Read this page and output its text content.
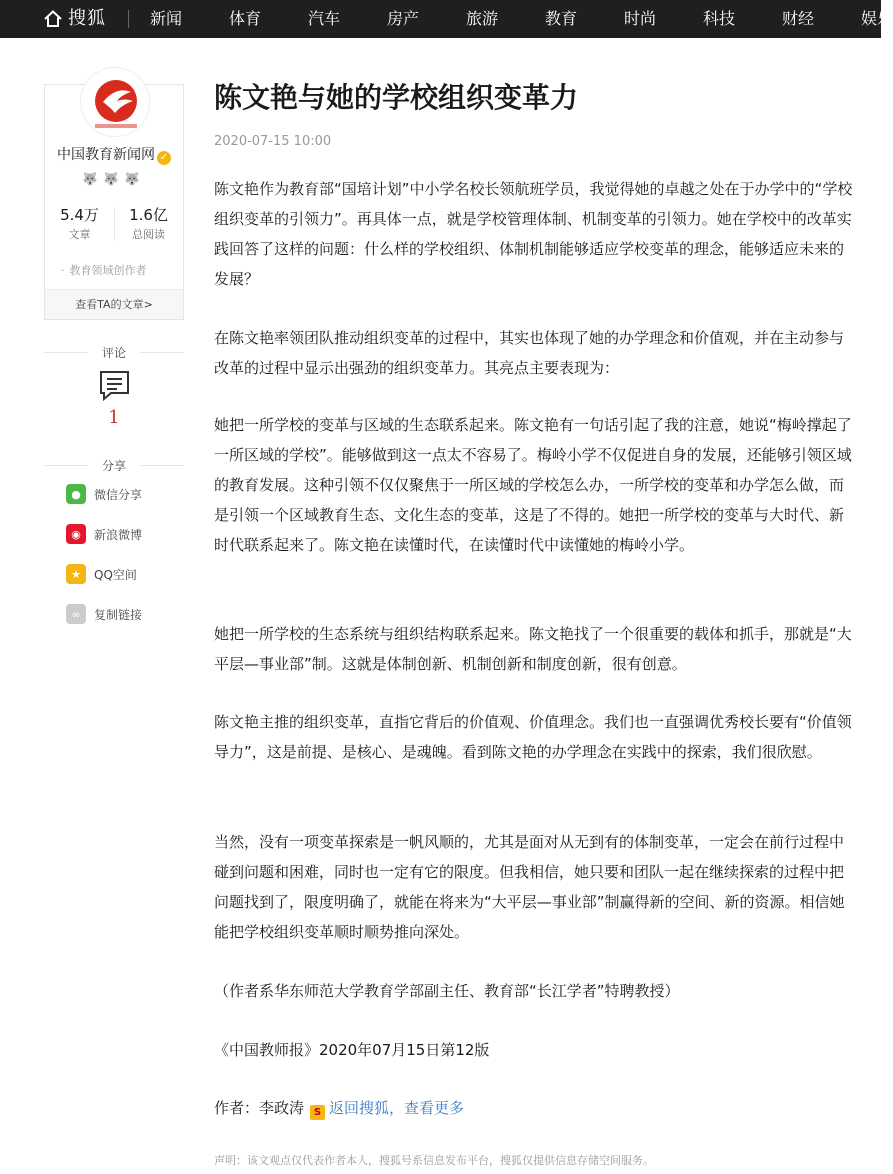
搜狐	新闻	体育	汽车	房产	旅游	教育	时尚	科技	财经	娱乐
中国教育新闻网 ✓
🐺🐺🐺
5.4万
文章
1.6亿
总阅读
· 教育领域创作者
查看TA的文章>
评论
1
分享
●	微信分享
◉	新浪微博
★	QQ空间
∞	复制链接
陈文艳与她的学校组织变革力
2020-07-15 10:00

陈文艳作为教育部“国培计划”中小学名校长领航班学员，我觉得她的卓越之处在于办学中的“学校组织变革的引领力”。再具体一点，就是学校管理体制、机制变革的引领力。她在学校中的改革实践回答了这样的问题：什么样的学校组织、体制机制能够适应学校变革的理念，能够适应未来的发展？

在陈文艳率领团队推动组织变革的过程中，其实也体现了她的办学理念和价值观，并在主动参与改革的过程中显示出强劲的组织变革力。其亮点主要表现为：

她把一所学校的变革与区域的生态联系起来。陈文艳有一句话引起了我的注意，她说“梅岭撑起了一所区域的学校”。能够做到这一点太不容易了。梅岭小学不仅促进自身的发展，还能够引领区域的教育发展。这种引领不仅仅聚焦于一所区域的学校怎么办，一所学校的变革和办学怎么做，而是引领一个区域教育生态、文化生态的变革，这是了不得的。她把一所学校的变革与大时代、新时代联系起来了。陈文艳在读懂时代，在读懂时代中读懂她的梅岭小学。

她把一所学校的生态系统与组织结构联系起来。陈文艳找了一个很重要的载体和抓手，那就是“大平层—事业部”制。这就是体制创新、机制创新和制度创新，很有创意。

陈文艳主推的组织变革，直指它背后的价值观、价值理念。我们也一直强调优秀校长要有“价值领导力”，这是前提、是核心、是魂魄。看到陈文艳的办学理念在实践中的探索，我们很欣慰。

当然，没有一项变革探索是一帆风顺的，尤其是面对从无到有的体制变革，一定会在前行过程中碰到问题和困难，同时也一定有它的限度。但我相信，她只要和团队一起在继续探索的过程中把问题找到了，限度明确了，就能在将来为“大平层—事业部”制赢得新的空间、新的资源。相信她能把学校组织变革顺时顺势推向深处。

（作者系华东师范大学教育学部副主任、教育部“长江学者”特聘教授）

《中国教师报》2020年07月15日第12版

作者：李政涛 S 返回搜狐，查看更多
声明：该文观点仅代表作者本人，搜狐号系信息发布平台，搜狐仅提供信息存储空间服务。
